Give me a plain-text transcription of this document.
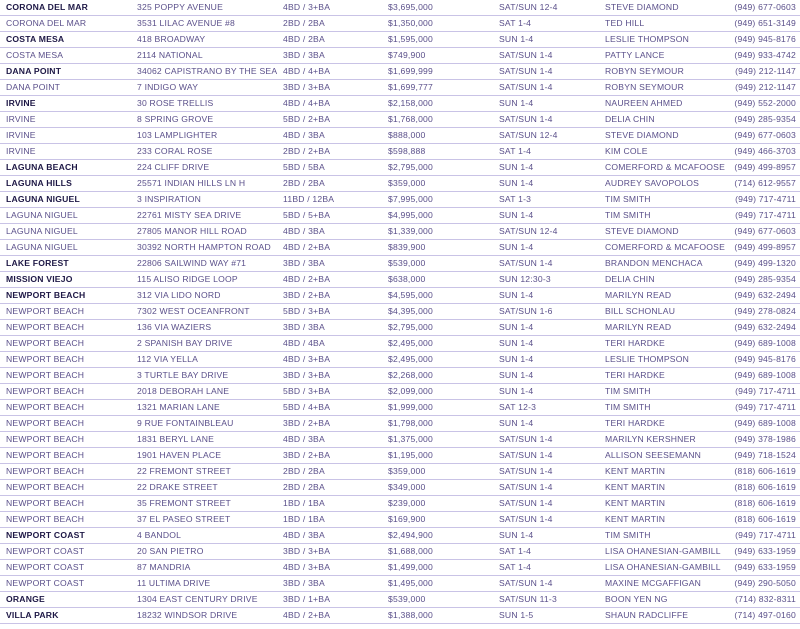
CORONA DEL MAR	325 POPPY AVENUE	4BD / 3+BA	$3,695,000	SAT/SUN 12-4	STEVE DIAMOND	(949) 677-0603
CORONA DEL MAR	3531 LILAC AVENUE #8	2BD / 2BA	$1,350,000	SAT 1-4	TED HILL	(949) 651-3149
COSTA MESA	418 BROADWAY	4BD / 2BA	$1,595,000	SUN 1-4	LESLIE THOMPSON	(949) 945-8176
COSTA MESA	2114 NATIONAL	3BD / 3BA	$749,900	SAT/SUN 1-4	PATTY LANCE	(949) 933-4742
DANA POINT	34062 CAPISTRANO BY THE SEA 4BD / 4+BA	$1,699,999	SAT/SUN 1-4	ROBYN SEYMOUR	(949) 212-1147
DANA POINT	7 INDIGO WAY	3BD / 3+BA	$1,699,777	SAT/SUN 1-4	ROBYN SEYMOUR	(949) 212-1147
IRVINE	30 ROSE TRELLIS	4BD / 4+BA	$2,158,000	SUN 1-4	NAUREEN AHMED	(949) 552-2000
IRVINE	8 SPRING GROVE	5BD / 2+BA	$1,768,000	SAT/SUN 1-4	DELIA CHIN	(949) 285-9354
IRVINE	103 LAMPLIGHTER	4BD / 3BA	$888,000	SAT/SUN 12-4	STEVE DIAMOND	(949) 677-0603
IRVINE	233 CORAL ROSE	2BD / 2+BA	$598,888	SAT 1-4	KIM COLE	(949) 466-3703
LAGUNA BEACH	224 CLIFF DRIVE	5BD / 5BA	$2,795,000	SUN 1-4	COMERFORD & MCAFOOSE	(949) 499-8957
LAGUNA HILLS	25571 INDIAN HILLS LN H	2BD / 2BA	$359,000	SUN 1-4	AUDREY SAVOPOLOS	(714) 612-9557
LAGUNA NIGUEL	3 INSPIRATION	11BD / 12BA	$7,995,000	SAT 1-3	TIM SMITH	(949) 717-4711
LAGUNA NIGUEL	22761 MISTY SEA DRIVE	5BD / 5+BA	$4,995,000	SUN 1-4	TIM SMITH	(949) 717-4711
LAGUNA NIGUEL	27805 MANOR HILL ROAD	4BD / 3BA	$1,339,000	SAT/SUN 12-4	STEVE DIAMOND	(949) 677-0603
LAGUNA NIGUEL	30392 NORTH HAMPTON ROAD	4BD / 2+BA	$839,900	SUN 1-4	COMERFORD & MCAFOOSE	(949) 499-8957
LAKE FOREST	22806 SAILWIND WAY #71	3BD / 3BA	$539,000	SAT/SUN 1-4	BRANDON MENCHACA	(949) 499-1320
MISSION VIEJO	115 ALISO RIDGE LOOP	4BD / 2+BA	$638,000	SUN 12:30-3	DELIA CHIN	(949) 285-9354
NEWPORT BEACH	312 VIA LIDO NORD	3BD / 2+BA	$4,595,000	SUN 1-4	MARILYN READ	(949) 632-2494
NEWPORT BEACH	7302 WEST OCEANFRONT	5BD / 3+BA	$4,395,000	SAT/SUN 1-6	BILL SCHONLAU	(949) 278-0824
NEWPORT BEACH	136 VIA WAZIERS	3BD / 3BA	$2,795,000	SUN 1-4	MARILYN READ	(949) 632-2494
NEWPORT BEACH	2 SPANISH BAY DRIVE	4BD / 4BA	$2,495,000	SUN 1-4	TERI HARDKE	(949) 689-1008
NEWPORT BEACH	112 VIA YELLA	4BD / 3+BA	$2,495,000	SUN 1-4	LESLIE THOMPSON	(949) 945-8176
NEWPORT BEACH	3 TURTLE BAY DRIVE	3BD / 3+BA	$2,268,000	SUN 1-4	TERI HARDKE	(949) 689-1008
NEWPORT BEACH	2018 DEBORAH LANE	5BD / 3+BA	$2,099,000	SUN 1-4	TIM SMITH	(949) 717-4711
NEWPORT BEACH	1321 MARIAN LANE	5BD / 4+BA	$1,999,000	SAT 12-3	TIM SMITH	(949) 717-4711
NEWPORT BEACH	9 RUE FONTAINBLEAU	3BD / 2+BA	$1,798,000	SUN 1-4	TERI HARDKE	(949) 689-1008
NEWPORT BEACH	1831 BERYL LANE	4BD / 3BA	$1,375,000	SAT/SUN 1-4	MARILYN KERSHNER	(949) 378-1986
NEWPORT BEACH	1901 HAVEN PLACE	3BD / 2+BA	$1,195,000	SAT/SUN 1-4	ALLISON SEESEMANN	(949) 718-1524
NEWPORT BEACH	22 FREMONT STREET	2BD / 2BA	$359,000	SAT/SUN 1-4	KENT MARTIN	(818) 606-1619
NEWPORT BEACH	22 DRAKE STREET	2BD / 2BA	$349,000	SAT/SUN 1-4	KENT MARTIN	(818) 606-1619
NEWPORT BEACH	35 FREMONT STREET	1BD / 1BA	$239,000	SAT/SUN 1-4	KENT MARTIN	(818) 606-1619
NEWPORT BEACH	37 EL PASEO STREET	1BD / 1BA	$169,900	SAT/SUN 1-4	KENT MARTIN	(818) 606-1619
NEWPORT COAST	4 BANDOL	4BD / 3BA	$2,494,900	SUN 1-4	TIM SMITH	(949) 717-4711
NEWPORT COAST	20 SAN PIETRO	3BD / 3+BA	$1,688,000	SAT 1-4	LISA OHANESIAN-GAMBILL	(949) 633-1959
NEWPORT COAST	87 MANDRIA	4BD / 3+BA	$1,499,000	SAT 1-4	LISA OHANESIAN-GAMBILL	(949) 633-1959
NEWPORT COAST	11 ULTIMA DRIVE	3BD / 3BA	$1,495,000	SAT/SUN 1-4	MAXINE MCGAFFIGAN	(949) 290-5050
ORANGE	1304 EAST CENTURY DRIVE	3BD / 1+BA	$539,000	SAT/SUN 11-3	BOON YEN NG	(714) 832-8311
VILLA PARK	18232 WINDSOR DRIVE	4BD / 2+BA	$1,388,000	SUN 1-5	SHAUN RADCLIFFE	(714) 497-0160
